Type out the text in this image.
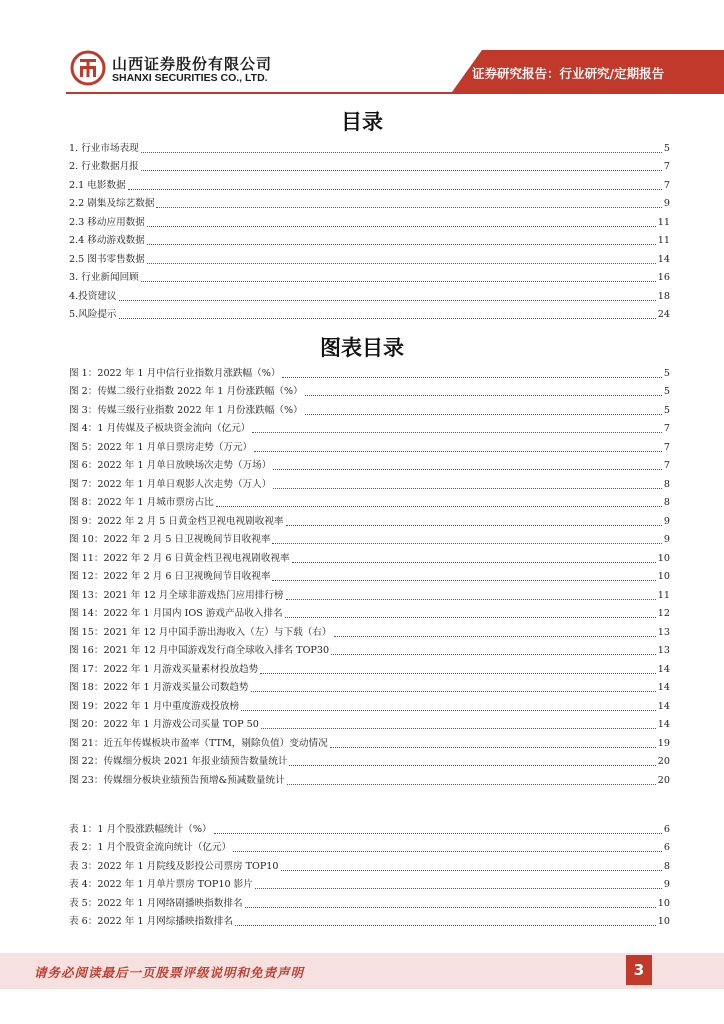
山西证券股份有限公司
SHANXI SECURITIES CO., LTD.	证券研究报告：行业研究/定期报告
目录
1. 行业市场表现	5
2. 行业数据月报	7
2.1 电影数据	7
2.2 剧集及综艺数据	9
2.3 移动应用数据	11
2.4 移动游戏数据	11
2.5 图书零售数据	14
3. 行业新闻回顾	16
4.投资建议	18
5.风险提示	24
图表目录
图 1：2022 年 1 月中信行业指数月涨跌幅（%）	5
图 2：传媒二级行业指数 2022 年 1 月份涨跌幅（%）	5
图 3：传媒三级行业指数 2022 年 1 月份涨跌幅（%）	5
图 4：1 月传媒及子板块资金流向（亿元）	7
图 5：2022 年 1 月单日票房走势（万元）	7
图 6：2022 年 1 月单日放映场次走势（万场）	7
图 7：2022 年 1 月单日观影人次走势（万人）	8
图 8：2022 年 1 月城市票房占比	8
图 9：2022 年 2 月 5 日黄金档卫视电视剧收视率	9
图 10：2022 年 2 月 5 日卫视晚间节目收视率	9
图 11：2022 年 2 月 6 日黄金档卫视电视剧收视率	10
图 12：2022 年 2 月 6 日卫视晚间节目收视率	10
图 13：2021 年 12 月全球非游戏热门应用排行榜	11
图 14：2022 年 1 月国内 IOS 游戏产品收入排名	12
图 15：2021 年 12 月中国手游出海收入（左）与下载（右）	13
图 16：2021 年 12 月中国游戏发行商全球收入排名 TOP30	13
图 17：2022 年 1 月游戏买量素材投放趋势	14
图 18：2022 年 1 月游戏买量公司数趋势	14
图 19：2022 年 1 月中重度游戏投放榜	14
图 20：2022 年 1 月游戏公司买量 TOP 50	14
图 21：近五年传媒板块市盈率（TTM，剔除负值）变动情况	19
图 22：传媒细分板块 2021 年报业绩预告数量统计	20
图 23：传媒细分板块业绩预告预增&预减数量统计	20
表 1：1 月个股涨跌幅统计（%）	6
表 2：1 月个股资金流向统计（亿元）	6
表 3：2022 年 1 月院线及影投公司票房 TOP10	8
表 4：2022 年 1 月单片票房 TOP10 影片	9
表 5：2022 年 1 月网络剧播映指数排名	10
表 6：2022 年 1 月网综播映指数排名	10
请务必阅读最后一页股票评级说明和免责声明	3
